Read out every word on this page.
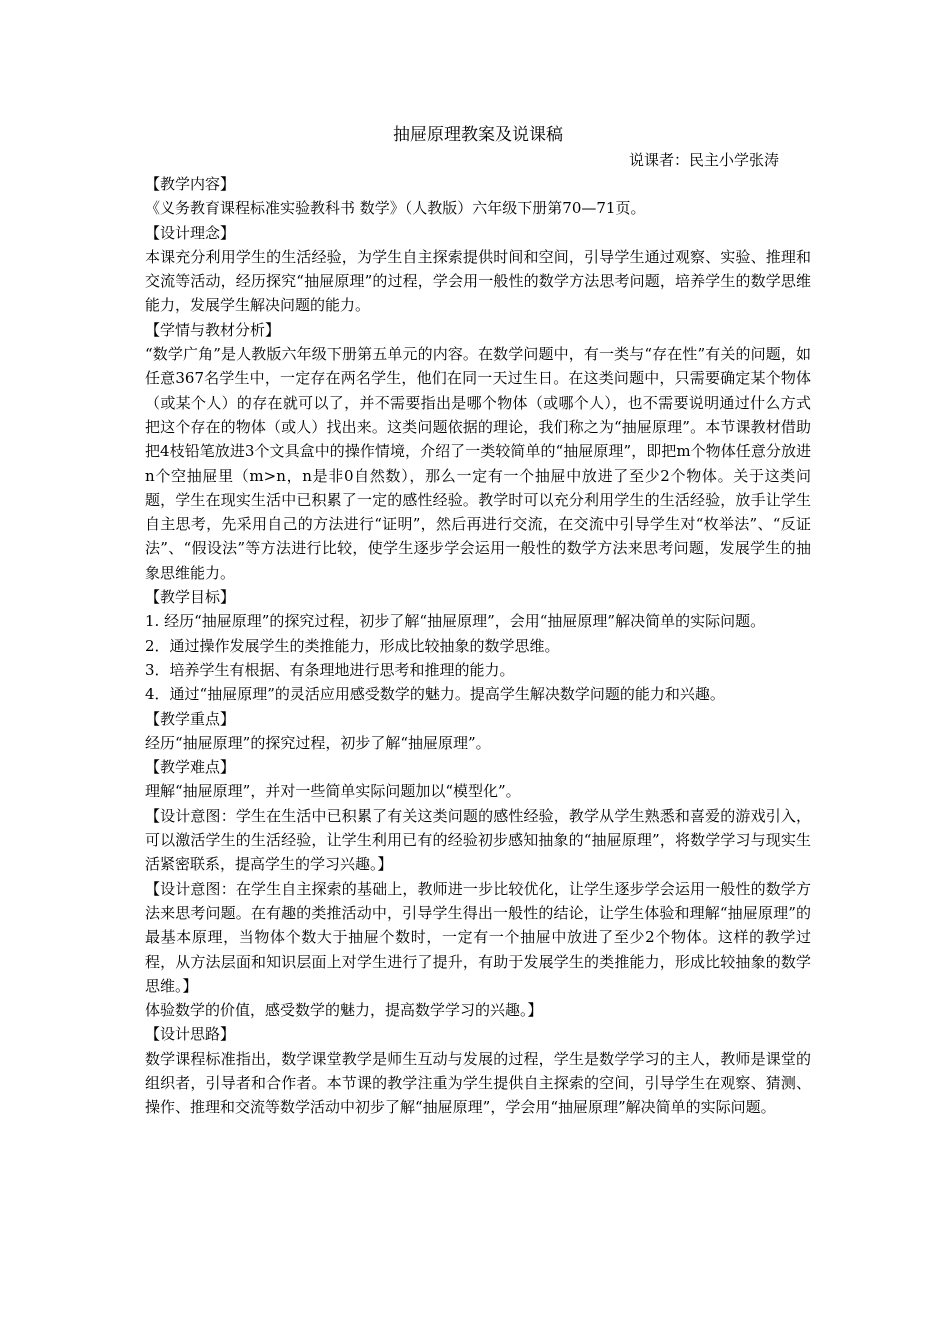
抽屉原理教案及说课稿
说课者：民主小学张涛
【教学内容】
《义务教育课程标准实验教科书 数学》（人教版）六年级下册第70—71页。
【设计理念】
本课充分利用学生的生活经验，为学生自主探索提供时间和空间，引导学生通过观察、实验、推理和交流等活动，经历探究“抽屉原理”的过程，学会用一般性的数学方法思考问题，培养学生的数学思维能力，发展学生解决问题的能力。
【学情与教材分析】
“数学广角”是人教版六年级下册第五单元的内容。在数学问题中，有一类与“存在性”有关的问题，如任意367名学生中，一定存在两名学生，他们在同一天过生日。在这类问题中，只需要确定某个物体（或某个人）的存在就可以了，并不需要指出是哪个物体（或哪个人），也不需要说明通过什么方式把这个存在的物体（或人）找出来。这类问题依据的理论，我们称之为“抽屉原理”。本节课教材借助把4枝铅笔放进3个文具盒中的操作情境，介绍了一类较简单的“抽屉原理”，即把m个物体任意分放进n个空抽屉里（m>n，n是非0自然数），那么一定有一个抽屉中放进了至少2个物体。关于这类问题，学生在现实生活中已积累了一定的感性经验。教学时可以充分利用学生的生活经验，放手让学生自主思考，先采用自己的方法进行“证明”，然后再进行交流，在交流中引导学生对“枚举法”、“反证法”、“假设法”等方法进行比较，使学生逐步学会运用一般性的数学方法来思考问题，发展学生的抽象思维能力。
【教学目标】
1. 经历“抽屉原理”的探究过程，初步了解“抽屉原理”，会用“抽屉原理”解决简单的实际问题。
2．通过操作发展学生的类推能力，形成比较抽象的数学思维。
3．培养学生有根据、有条理地进行思考和推理的能力。
4．通过“抽屉原理”的灵活应用感受数学的魅力。提高学生解决数学问题的能力和兴趣。
【教学重点】
经历“抽屉原理”的探究过程，初步了解“抽屉原理”。
【教学难点】
理解“抽屉原理”，并对一些简单实际问题加以“模型化”。
【设计意图：学生在生活中已积累了有关这类问题的感性经验，教学从学生熟悉和喜爱的游戏引入，可以激活学生的生活经验，让学生利用已有的经验初步感知抽象的“抽屉原理”，将数学学习与现实生活紧密联系，提高学生的学习兴趣。】
【设计意图：在学生自主探索的基础上，教师进一步比较优化，让学生逐步学会运用一般性的数学方法来思考问题。在有趣的类推活动中，引导学生得出一般性的结论，让学生体验和理解“抽屉原理”的最基本原理，当物体个数大于抽屉个数时，一定有一个抽屉中放进了至少2个物体。这样的教学过程，从方法层面和知识层面上对学生进行了提升，有助于发展学生的类推能力，形成比较抽象的数学思维。】
体验数学的价值，感受数学的魅力，提高数学学习的兴趣。】
【设计思路】
数学课程标准指出，数学课堂教学是师生互动与发展的过程，学生是数学学习的主人，教师是课堂的组织者，引导者和合作者。本节课的教学注重为学生提供自主探索的空间，引导学生在观察、猜测、操作、推理和交流等数学活动中初步了解“抽屉原理”，学会用“抽屉原理”解决简单的实际问题。
